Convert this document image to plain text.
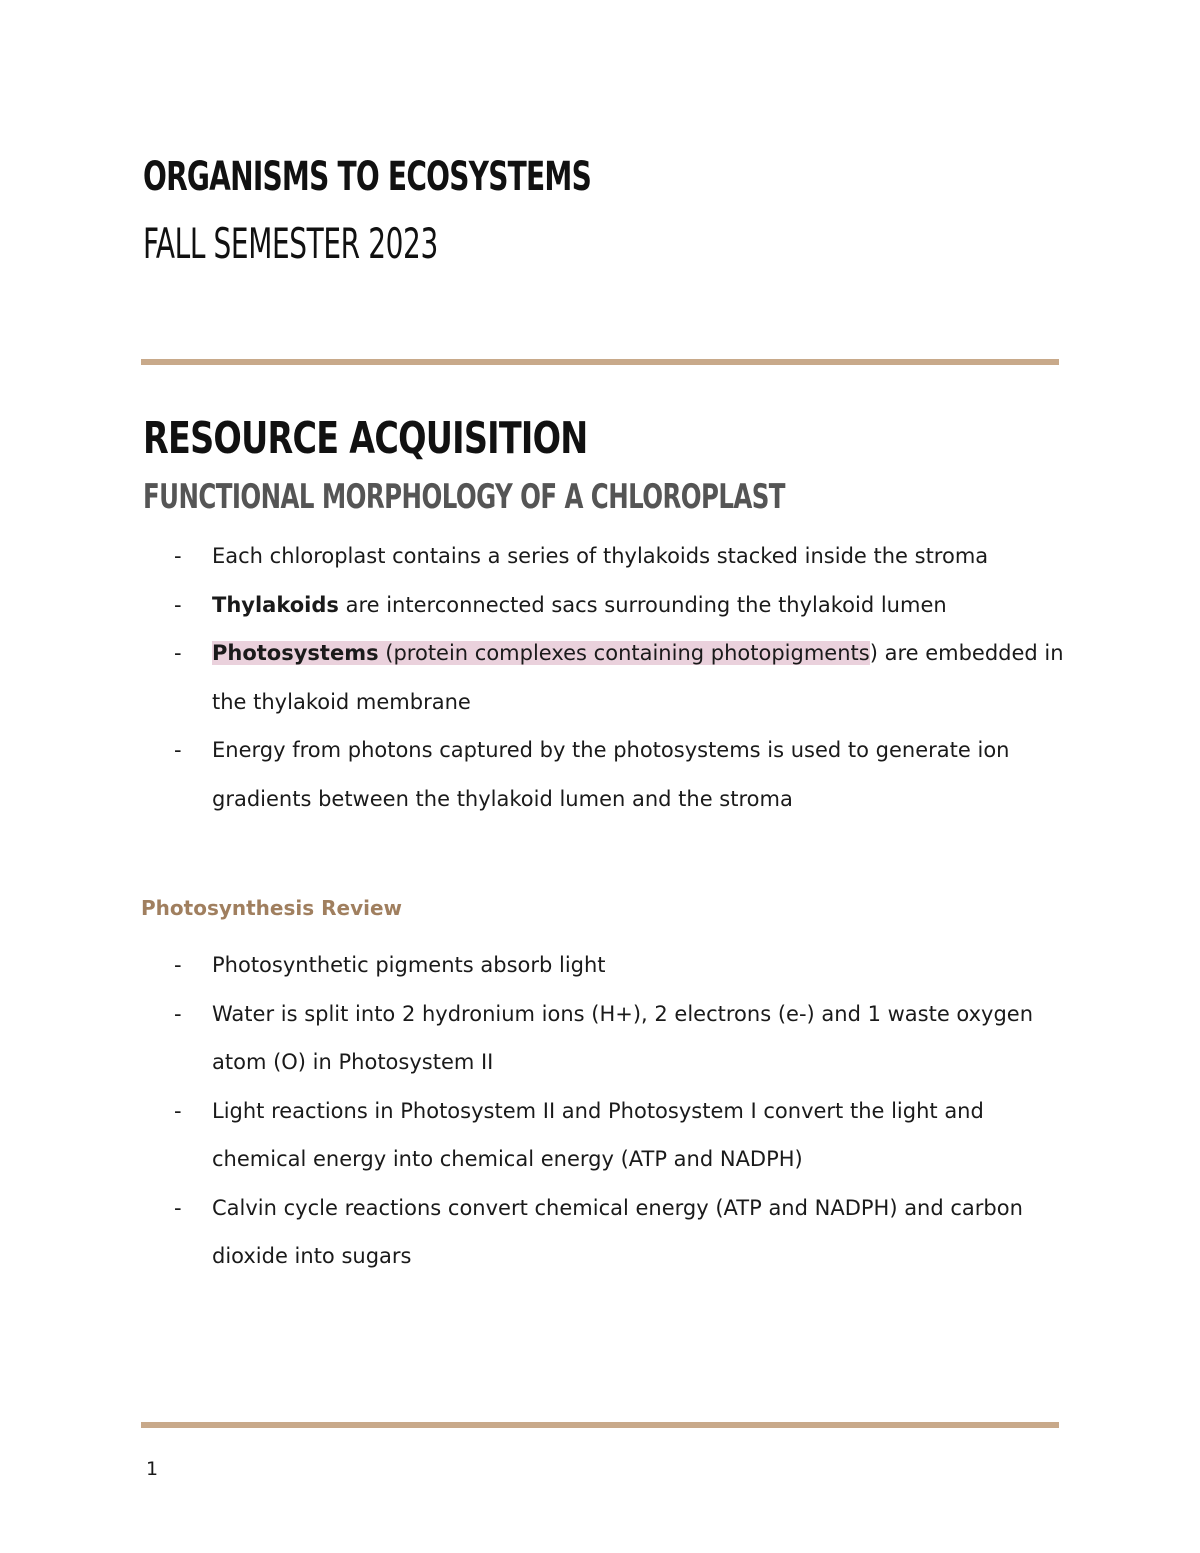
ORGANISMS TO ECOSYSTEMS
FALL SEMESTER 2023
RESOURCE ACQUISITION
FUNCTIONAL MORPHOLOGY OF A CHLOROPLAST
- Each chloroplast contains a series of thylakoids stacked inside the stroma
- Thylakoids are interconnected sacs surrounding the thylakoid lumen
- Photosystems (protein complexes containing photopigments) are embedded in the thylakoid membrane
- Energy from photons captured by the photosystems is used to generate ion gradients between the thylakoid lumen and the stroma
Photosynthesis Review
- Photosynthetic pigments absorb light
- Water is split into 2 hydronium ions (H+), 2 electrons (e-) and 1 waste oxygen atom (O) in Photosystem II
- Light reactions in Photosystem II and Photosystem I convert the light and chemical energy into chemical energy (ATP and NADPH)
- Calvin cycle reactions convert chemical energy (ATP and NADPH) and carbon dioxide into sugars
1
